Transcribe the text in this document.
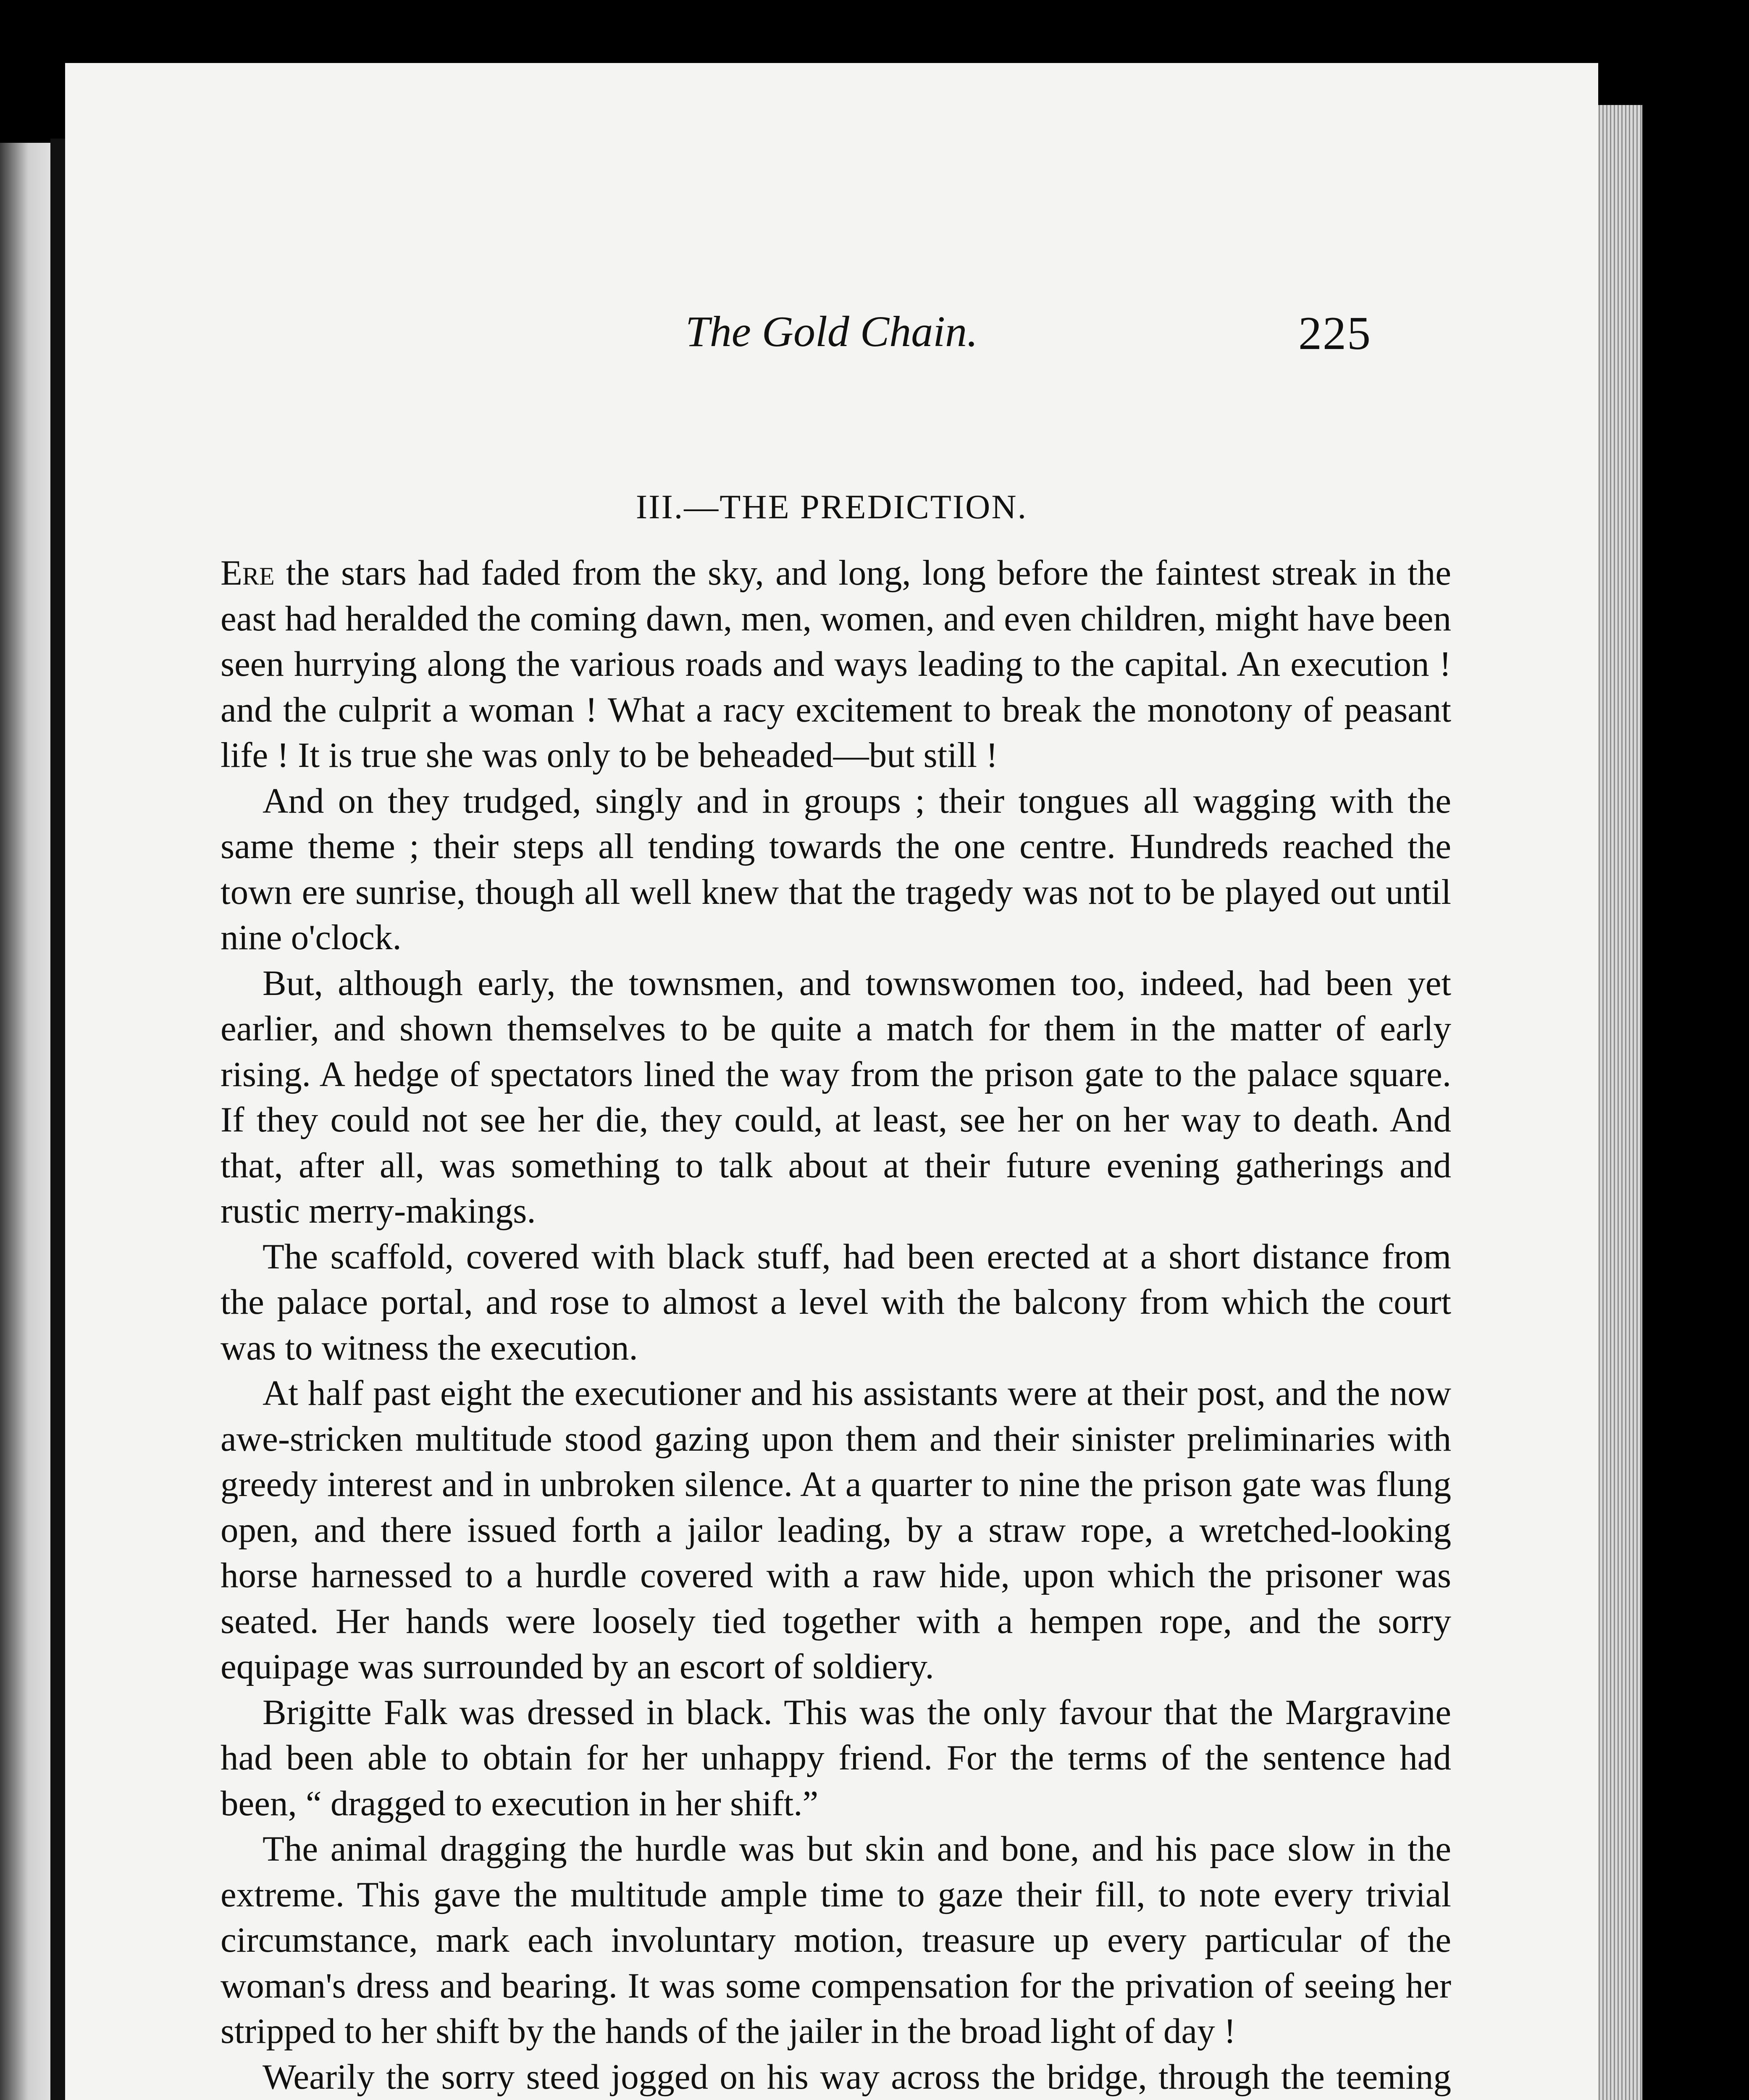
The Gold Chain.	225
III.—THE PREDICTION.

Ere the stars had faded from the sky, and long, long before the faintest streak in the east had heralded the coming dawn, men, women, and even children, might have been seen hurrying along the various roads and ways leading to the capital. An execution ! and the culprit a woman ! What a racy excitement to break the monotony of peasant life ! It is true she was only to be beheaded—but still !

And on they trudged, singly and in groups ; their tongues all wagging with the same theme ; their steps all tending towards the one centre. Hundreds reached the town ere sunrise, though all well knew that the tragedy was not to be played out until nine o'clock.

But, although early, the townsmen, and townswomen too, indeed, had been yet earlier, and shown themselves to be quite a match for them in the matter of early rising. A hedge of spectators lined the way from the prison gate to the palace square. If they could not see her die, they could, at least, see her on her way to death. And that, after all, was something to talk about at their future evening gatherings and rustic merry-makings.

The scaffold, covered with black stuff, had been erected at a short distance from the palace portal, and rose to almost a level with the balcony from which the court was to witness the execution.

At half past eight the executioner and his assistants were at their post, and the now awe-stricken multitude stood gazing upon them and their sinister preliminaries with greedy interest and in unbroken silence. At a quarter to nine the prison gate was flung open, and there issued forth a jailor leading, by a straw rope, a wretched-looking horse harnessed to a hurdle covered with a raw hide, upon which the prisoner was seated. Her hands were loosely tied together with a hempen rope, and the sorry equipage was surrounded by an escort of soldiery.

Brigitte Falk was dressed in black. This was the only favour that the Margravine had been able to obtain for her unhappy friend. For the terms of the sentence had been, “ dragged to execution in her shift.”

The animal dragging the hurdle was but skin and bone, and his pace slow in the extreme. This gave the multitude ample time to gaze their fill, to note every trivial circumstance, mark each involuntary motion, treasure up every particular of the woman's dress and bearing. It was some compensation for the privation of seeing her stripped to her shift by the hands of the jailer in the broad light of day !

Wearily the sorry steed jogged on his way across the bridge, through the teeming
